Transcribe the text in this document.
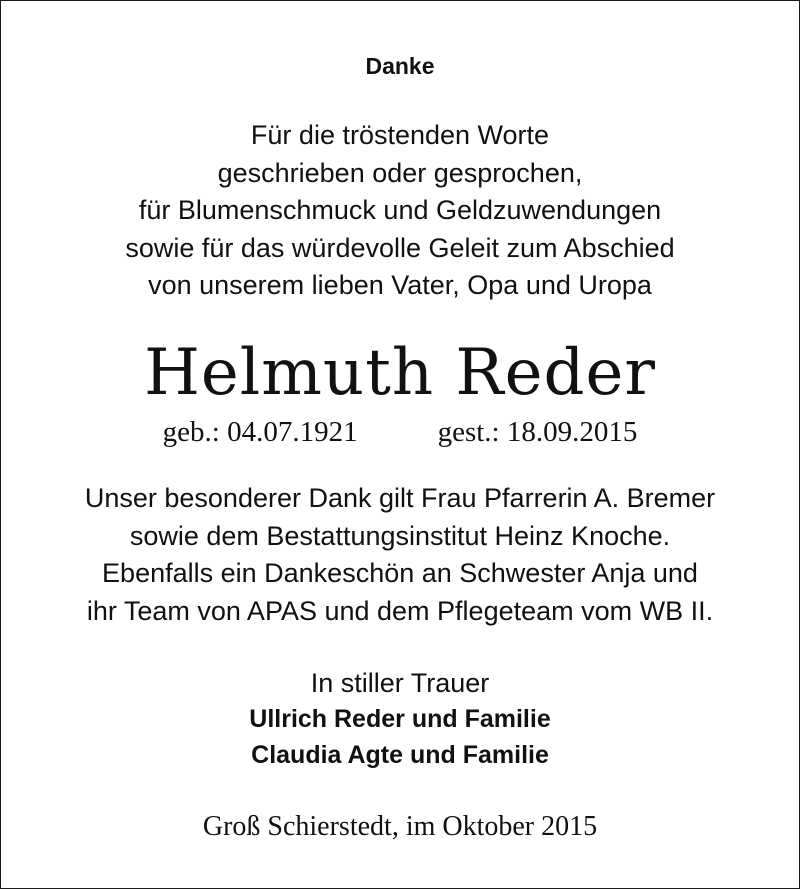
Danke
Für die tröstenden Worte
geschrieben oder gesprochen,
für Blumenschmuck und Geldzuwendungen
sowie für das würdevolle Geleit zum Abschied
von unserem lieben Vater, Opa und Uropa
Helmuth Reder
geb.: 04.07.1921	gest.: 18.09.2015
Unser besonderer Dank gilt Frau Pfarrerin A. Bremer
sowie dem Bestattungsinstitut Heinz Knoche.
Ebenfalls ein Dankeschön an Schwester Anja und
ihr Team von APAS und dem Pflegeteam vom WB II.
In stiller Trauer
Ullrich Reder und Familie
Claudia Agte und Familie
Groß Schierstedt, im Oktober 2015
